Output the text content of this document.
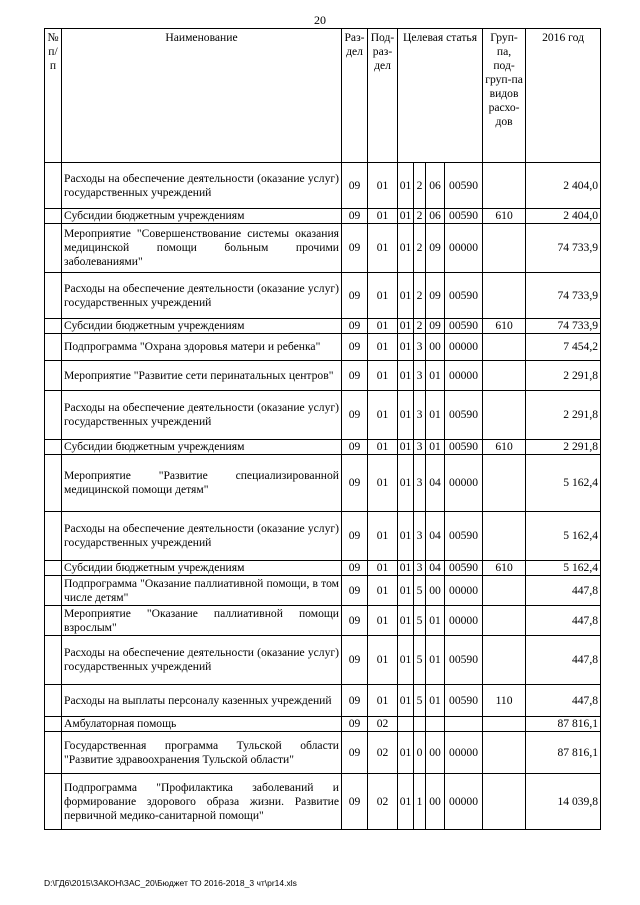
20
№ п/п	Наименование	Раз-дел	Под-раз-дел	Целевая статья				Груп-па, под-груп-па видов расхо-дов	2016 год
	Расходы на обеспечение деятельности (оказание услуг) государственных учреждений	09	01	01	2	06	00590		2 404,0
	Субсидии бюджетным учреждениям	09	01	01	2	06	00590	610	2 404,0
	Мероприятие "Совершенствование системы оказания медицинской помощи больным прочими заболеваниями"	09	01	01	2	09	00000		74 733,9
	Расходы на обеспечение деятельности (оказание услуг) государственных учреждений	09	01	01	2	09	00590		74 733,9
	Субсидии бюджетным учреждениям	09	01	01	2	09	00590	610	74 733,9
	Подпрограмма "Охрана здоровья матери и ребенка"	09	01	01	3	00	00000		7 454,2
	Мероприятие "Развитие сети перинатальных центров"	09	01	01	3	01	00000		2 291,8
	Расходы на обеспечение деятельности (оказание услуг) государственных учреждений	09	01	01	3	01	00590		2 291,8
	Субсидии бюджетным учреждениям	09	01	01	3	01	00590	610	2 291,8
	Мероприятие "Развитие специализированной медицинской помощи детям"	09	01	01	3	04	00000		5 162,4
	Расходы на обеспечение деятельности (оказание услуг) государственных учреждений	09	01	01	3	04	00590		5 162,4
	Субсидии бюджетным учреждениям	09	01	01	3	04	00590	610	5 162,4
	Подпрограмма "Оказание паллиативной помощи, в том числе детям"	09	01	01	5	00	00000		447,8
	Мероприятие "Оказание паллиативной помощи взрослым"	09	01	01	5	01	00000		447,8
	Расходы на обеспечение деятельности (оказание услуг) государственных учреждений	09	01	01	5	01	00590		447,8
	Расходы на выплаты персоналу казенных учреждений	09	01	01	5	01	00590	110	447,8
	Амбулаторная помощь	09	02						87 816,1
	Государственная программа Тульской области "Развитие здравоохранения Тульской области"	09	02	01	0	00	00000		87 816,1
	Подпрограмма "Профилактика заболеваний и формирование здорового образа жизни. Развитие первичной медико-санитарной помощи"	09	02	01	1	00	00000		14 039,8
D:\ГД6\2015\ЗАКОН\ЗАС_20\Бюджет ТО 2016-2018_3 чт\pr14.xls
